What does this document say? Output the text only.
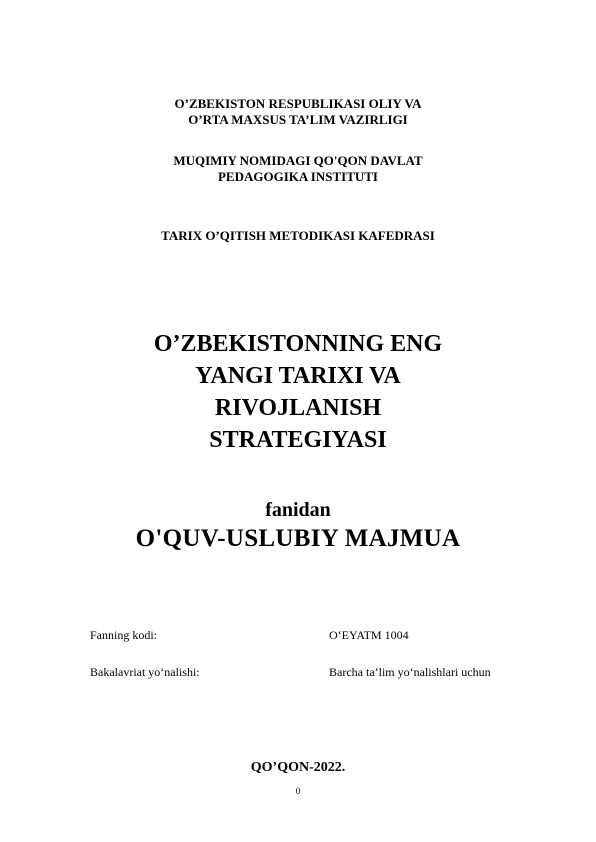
O’ZBEKISTON RESPUBLIKASI OLIY VA
O’RTA MAXSUS TA’LIM VAZIRLIGI
MUQIMIY NOMIDAGI QO'QON DAVLAT
PEDAGOGIKA INSTITUTI
TARIX O’QITISH METODIKASI KAFEDRASI
O’ZBEKISTONNING ENG
YANGI TARIXI VA
RIVOJLANISH
STRATEGIYASI
fanidan
O'QUV-USLUBIY MAJMUA
Fanning kodi:	O‘EYATM 1004
Bakalavriat yo‘nalishi:	Barcha ta’lim yo‘nalishlari uchun
QO’QON-2022.
0
